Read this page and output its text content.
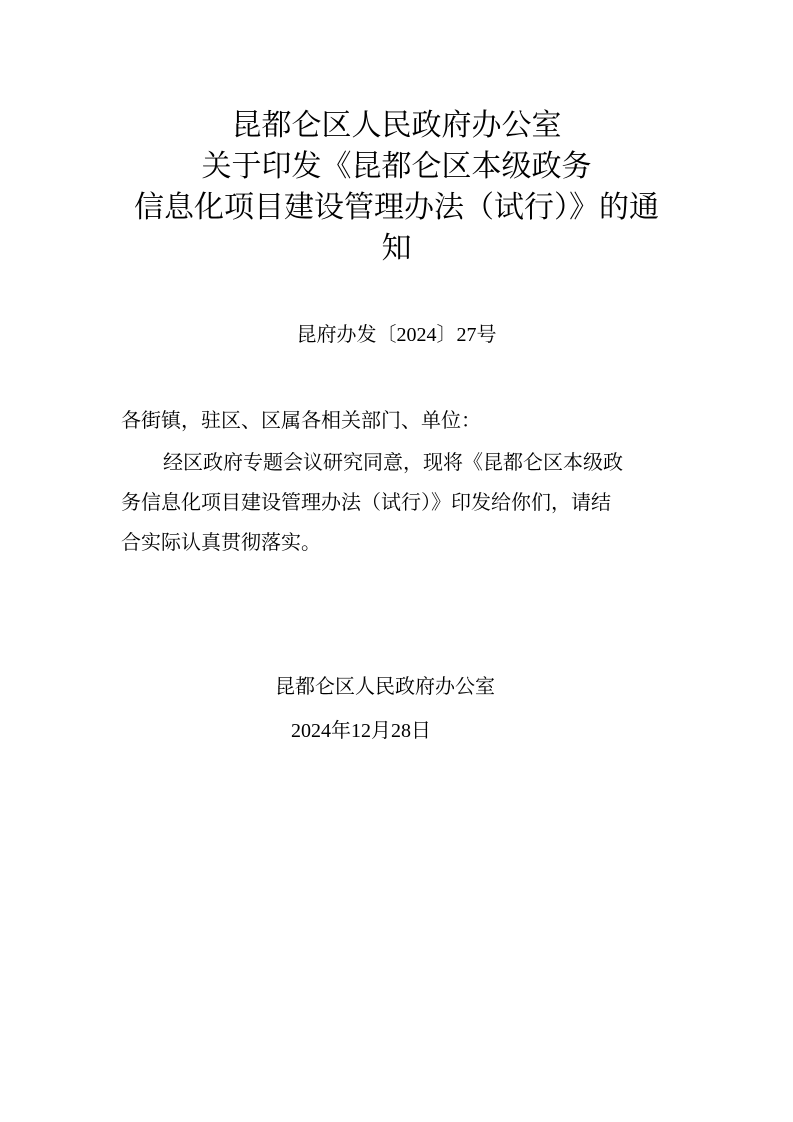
昆都仑区人民政府办公室
关于印发《昆都仑区本级政务
信息化项目建设管理办法（试行）》的通
知
昆府办发〔2024〕27号
各街镇，驻区、区属各相关部门、单位：
经区政府专题会议研究同意，现将《昆都仑区本级政
务信息化项目建设管理办法（试行）》印发给你们，请结
合实际认真贯彻落实。
昆都仑区人民政府办公室
2024年12月28日
